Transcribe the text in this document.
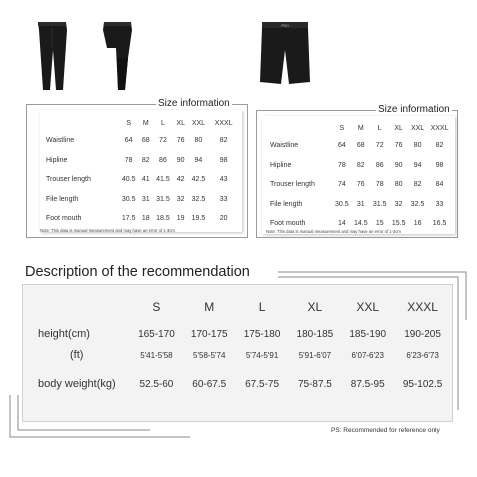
PRO
Size information
	S	M	L	XL	XXL	XXXL
Waistline	64	68	72	76	80	82
Hipline	78	82	86	90	94	98
Trouser length	40.5	41	41.5	42	42.5	43
File length	30.5	31	31.5	32	32.5	33
Foot mouth	17.5	18	18.5	19	19.5	20
Note: This data is manual measurement and may have an error of 1-3cm
Size information
	S	M	L	XL	XXL	XXXL
Waistline	64	68	72	76	80	82
Hipline	78	82	86	90	94	98
Trouser length	74	76	78	80	82	84
File length	30.5	31	31.5	32	32.5	33
Foot mouth	14	14.5	15	15.5	16	16.5
Note: This data is manual measurement and may have an error of 1-3cm
Description of the recommendation
	S	M	L	XL	XXL	XXXL
height(cm)	165-170	170-175	175-180	180-185	185-190	190-205
(ft)	5'41-5'58	5'58-5'74	5'74-5'91	5'91-6'07	6'07-6'23	6'23-6'73
body weight(kg)	52.5-60	60-67.5	67.5-75	75-87.5	87.5-95	95-102.5
PS: Recommended for reference only
